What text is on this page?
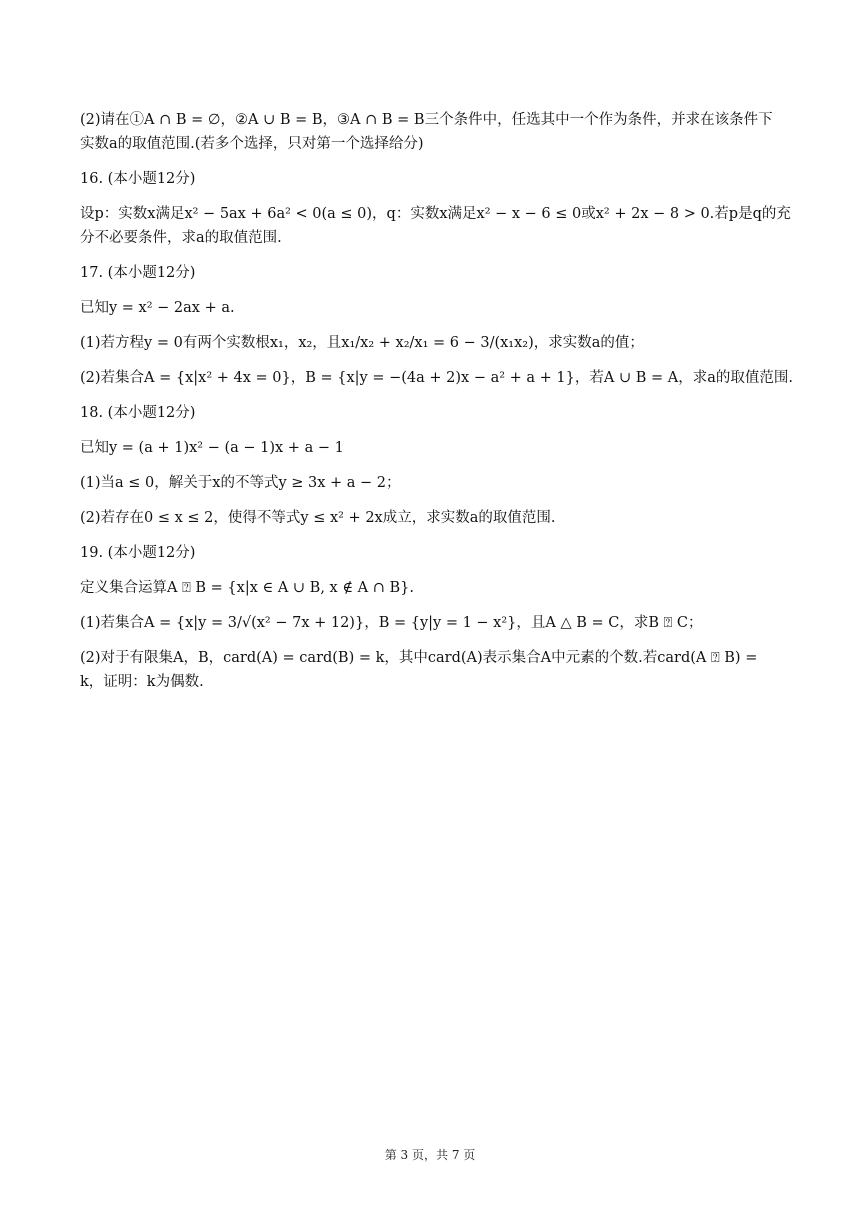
(2)请在①A ∩ B = ∅，②A ∪ B = B，③A ∩ B = B三个条件中，任选其中一个作为条件，并求在该条件下
实数a的取值范围.(若多个选择，只对第一个选择给分)
16. (本小题12分)
设p：实数x满足x² − 5ax + 6a² < 0(a ≤ 0)，q：实数x满足x² − x − 6 ≤ 0或x² + 2x − 8 > 0.若p是q的充
分不必要条件，求a的取值范围.
17. (本小题12分)
已知y = x² − 2ax + a.
(1)若方程y = 0有两个实数根x₁，x₂，且x₁/x₂ + x₂/x₁ = 6 − 3/(x₁x₂)，求实数a的值；
(2)若集合A = {x|x² + 4x = 0}，B = {x|y = −(4a + 2)x − a² + a + 1}，若A ∪ B = A，求a的取值范围.
18. (本小题12分)
已知y = (a + 1)x² − (a − 1)x + a − 1
(1)当a ≤ 0，解关于x的不等式y ≥ 3x + a − 2；
(2)若存在0 ≤ x ≤ 2，使得不等式y ≤ x² + 2x成立，求实数a的取值范围.
19. (本小题12分)
定义集合运算A ⍰ B = {x|x ∈ A ∪ B, x ∉ A ∩ B}.
(1)若集合A = {x|y = 3/√(x² − 7x + 12)}，B = {y|y = 1 − x²}，且A △ B = C，求B ⍰ C；
(2)对于有限集A，B，card(A) = card(B) = k，其中card(A)表示集合A中元素的个数.若card(A ⍰ B) =
k，证明：k为偶数.
第 3 页，共 7 页
